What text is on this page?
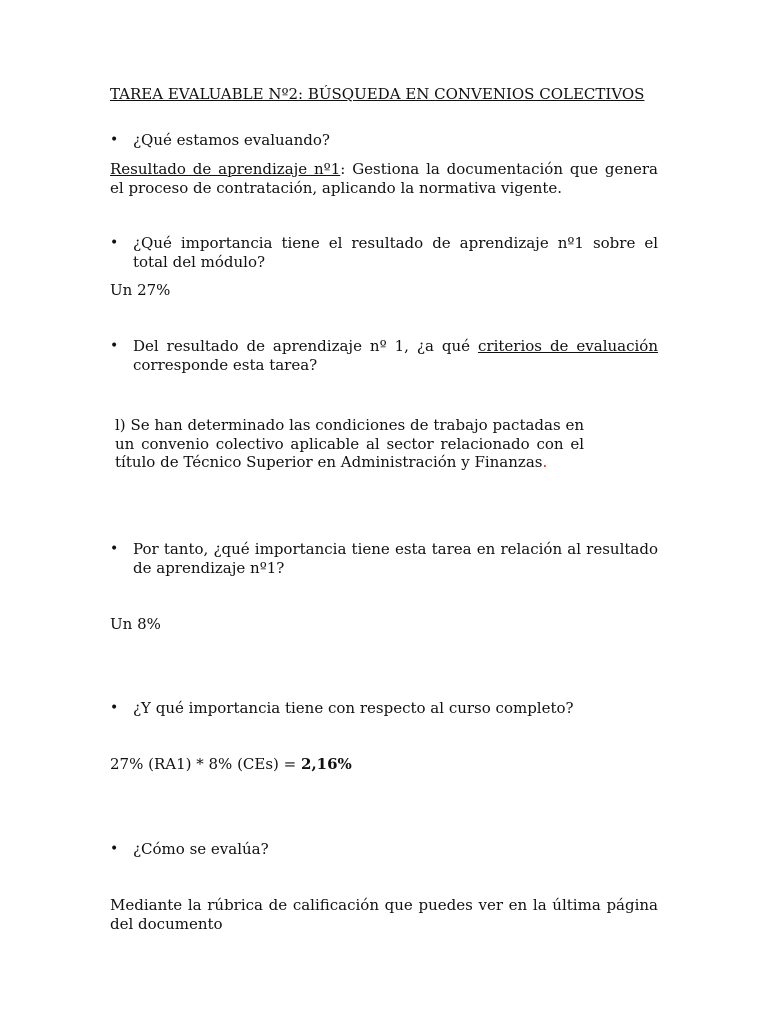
TAREA EVALUABLE Nº2: BÚSQUEDA EN CONVENIOS COLECTIVOS

• ¿Qué estamos evaluando?

Resultado de aprendizaje nº1: Gestiona la documentación que genera el proceso de contratación, aplicando la normativa vigente.

• ¿Qué importancia tiene el resultado de aprendizaje nº1 sobre el total del módulo?

Un 27%

• Del resultado de aprendizaje nº 1, ¿a qué criterios de evaluación corresponde esta tarea?

l) Se han determinado las condiciones de trabajo pactadas en un convenio colectivo aplicable al sector relacionado con el título de Técnico Superior en Administración y Finanzas.

• Por tanto, ¿qué importancia tiene esta tarea en relación al resultado de aprendizaje nº1?

Un 8%

• ¿Y qué importancia tiene con respecto al curso completo?

27% (RA1) * 8% (CEs) = 2,16%

• ¿Cómo se evalúa?

Mediante la rúbrica de calificación que puedes ver en la última página del documento
